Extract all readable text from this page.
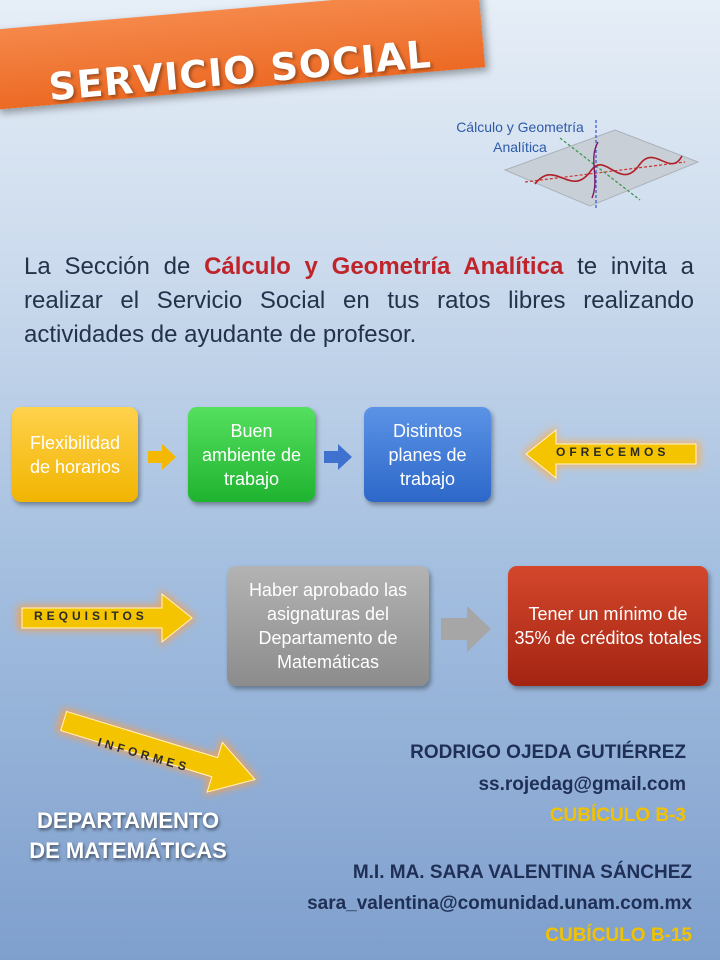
SERVICIO SOCIAL
Cálculo y Geometría
Analítica

La Sección de Cálculo y Geometría Analítica te invita a realizar el Servicio Social en tus ratos libres realizando actividades de ayudante de profesor.

Flexibilidad de horarios
Buen ambiente de trabajo
Distintos planes de trabajo
OFRECEMOS
REQUISITOS
Haber aprobado las asignaturas del Departamento de Matemáticas
Tener un mínimo de 35% de créditos totales
INFORMES
DEPARTAMENTO
DE MATEMÁTICAS
RODRIGO OJEDA GUTIÉRREZ
ss.rojedag@gmail.com
CUBÍCULO B-3
M.I. MA. SARA VALENTINA SÁNCHEZ
sara_valentina@comunidad.unam.com.mx
CUBÍCULO B-15
